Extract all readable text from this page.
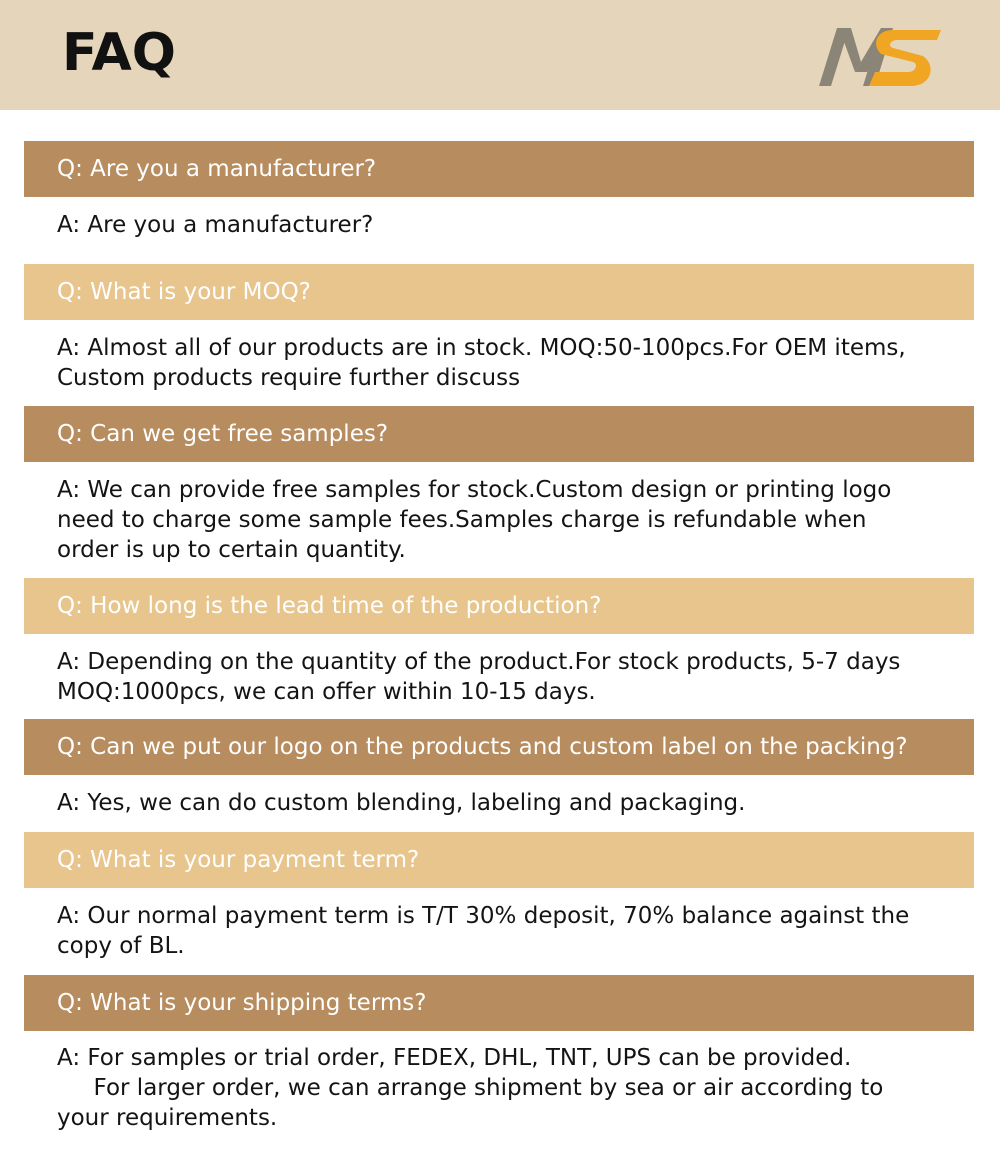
FAQ
Q: Are you a manufacturer?
A: Are you a manufacturer?
Q: What is your MOQ?
A: Almost all of our products are in stock. MOQ:50-100pcs.For OEM items,
Custom products require further discuss
Q: Can we get free samples?
A: We can provide free samples for stock.Custom design or printing logo
need to charge some sample fees.Samples charge is refundable when
order is up to certain quantity.
Q: How long is the lead time of the production?
A: Depending on the quantity of the product.For stock products, 5-7 days
MOQ:1000pcs, we can offer within 10-15 days.
Q: Can we put our logo on the products and custom label on the packing?
A: Yes, we can do custom blending, labeling and packaging.
Q: What is your payment term?
A: Our normal payment term is T/T 30% deposit, 70% balance against the
copy of BL.
Q: What is your shipping terms?
A: For samples or trial order, FEDEX, DHL, TNT, UPS can be provided.
For larger order, we can arrange shipment by sea or air according to
your requirements.
